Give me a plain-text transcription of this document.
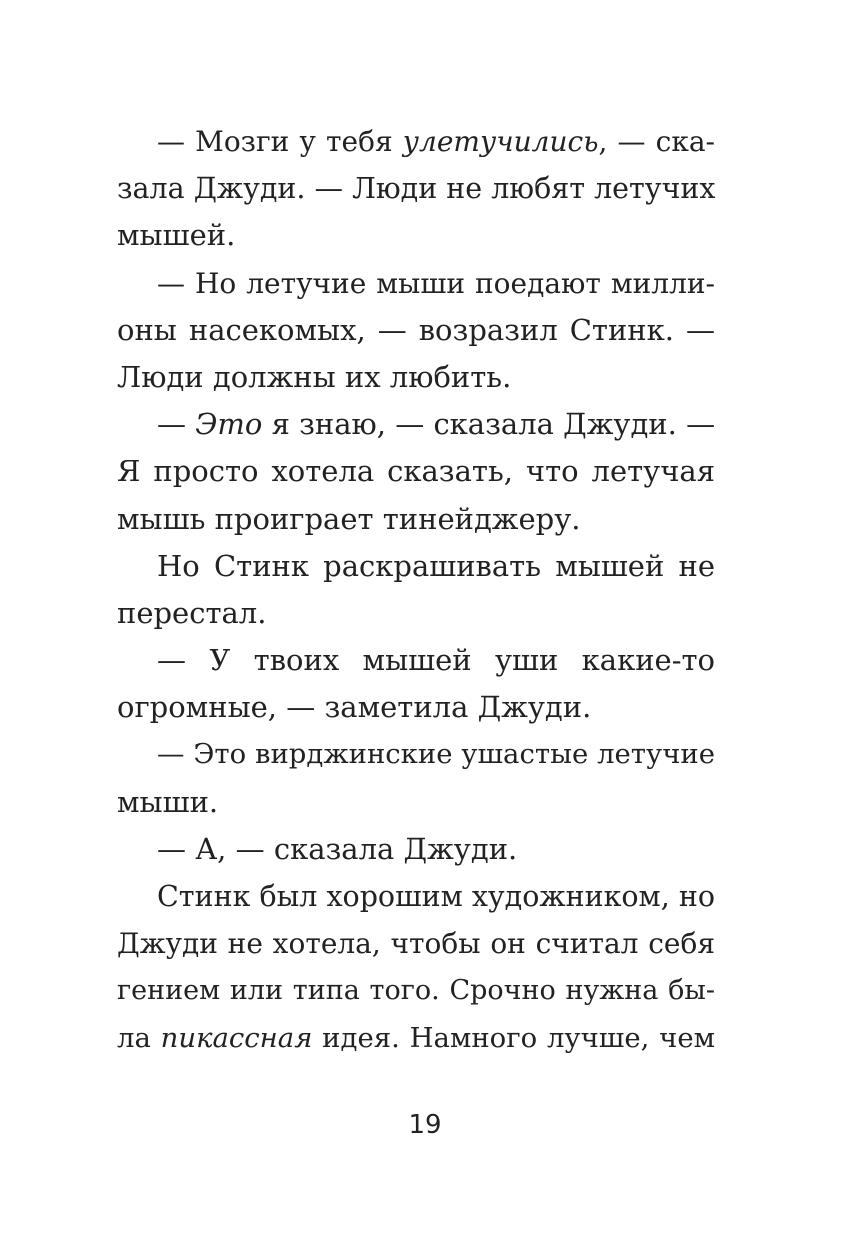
— Мозги у тебя улетучились, — ска-
зала Джуди. — Люди не любят летучих
мышей.
— Но летучие мыши поедают милли-
оны насекомых, — возразил Стинк. —
Люди должны их любить.
— Это я знаю, — сказала Джуди. —
Я просто хотела сказать, что летучая
мышь проиграет тинейджеру.
Но Стинк раскрашивать мышей не
перестал.
— У твоих мышей уши какие-то
огромные, — заметила Джуди.
— Это вирджинские ушастые летучие
мыши.
— А, — сказала Джуди.
Стинк был хорошим художником, но
Джуди не хотела, чтобы он считал себя
гением или типа того. Срочно нужна бы-
ла пикассная идея. Намного лучше, чем
19
